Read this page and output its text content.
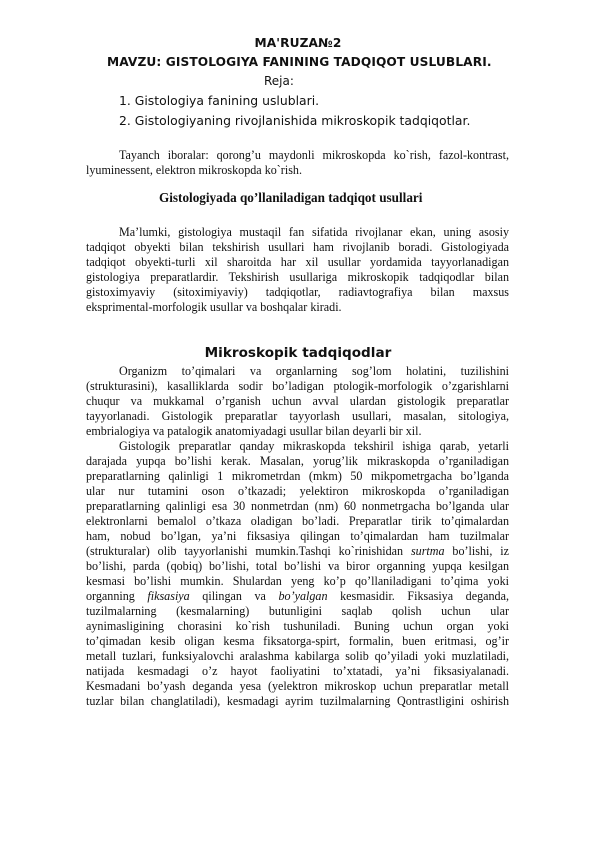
MA'RUZA№2
MAVZU: GISTOLOGIYA FANINING TADQIQOT USLUBLARI.
Reja:
1. Gistologiya fanining uslublari.
2. Gistologiyaning rivojlanishida mikroskopik tadqiqotlar.
Tayanch iboralar: qorong’u maydonli mikroskopda ko`rish, fazol-kontrast,
lyuminessent, elektron mikroskopda ko`rish.
Gistologiyada qo’llaniladigan tadqiqot usullari
Ma’lumki, gistologiya mustaqil fan sifatida rivojlanar ekan, uning asosiy
tadqiqot obyekti bilan tekshirish usullari ham rivojlanib boradi. Gistologiyada
tadqiqot obyekti-turli xil sharoitda har xil usullar yordamida tayyorlanadigan
gistologiya preparatlardir. Tekshirish usullariga mikroskopik tadqiqodlar bilan
gistoximyaviy (sitoximiyaviy) tadqiqotlar, radiavtografiya bilan maxsus
eksprimental-morfologik usullar va boshqalar kiradi.
Mikroskopik tadqiqodlar
Organizm to’qimalari va organlarning sog’lom holatini, tuzilishini
(strukturasini), kasalliklarda sodir bo’ladigan ptologik-morfologik o’zgarishlarni
chuqur va mukkamal o’rganish uchun avval ulardan gistologik preparatlar
tayyorlanadi. Gistologik preparatlar tayyorlash usullari, masalan, sitologiya,
embrialogiya va patalogik anatomiyadagi usullar bilan deyarli bir xil.
Gistologik preparatlar qanday mikraskopda tekshiril ishiga qarab, yetarli
darajada yupqa bo’lishi kerak. Masalan, yorug’lik mikraskopda o’rganiladigan
preparatlarning qalinligi 1 mikrometrdan (mkm) 50 mikpometrgacha bo’lganda
ular nur tutamini oson o’tkazadi; yelektiron mikroskopda o’rganiladigan
preparatlarning qalinligi esa 30 nonmetrdan (nm) 60 nonmetrgacha bo’lganda ular
elektronlarni bemalol o’tkaza oladigan bo’ladi. Preparatlar tirik to’qimalardan
ham, nobud bo’lgan, ya’ni fiksasiya qilingan to’qimalardan ham tuzilmalar
(strukturalar) olib tayyorlanishi mumkin.Tashqi ko`rinishidan surtma bo’lishi, iz
bo’lishi, parda (qobiq) bo’lishi, total bo’lishi va biror organning yupqa kesilgan
kesmasi bo’lishi mumkin. Shulardan yeng ko’p qo’llaniladigani to’qima yoki
organning fiksasiya qilingan va bo’yalgan kesmasidir. Fiksasiya deganda,
tuzilmalarning (kesmalarning) butunligini saqlab qolish uchun ular
aynimasligining chorasini ko`rish tushuniladi. Buning uchun organ yoki
to’qimadan kesib oligan kesma fiksatorga-spirt, formalin, buen eritmasi, og’ir
metall tuzlari, funksiyalovchi aralashma kabilarga solib qo’yiladi yoki muzlatiladi,
natijada kesmadagi o’z hayot faoliyatini to’xtatadi, ya’ni fiksasiyalanadi.
Kesmadani bo’yash deganda yesa (yelektron mikroskop uchun preparatlar metall
tuzlar bilan changlatiladi), kesmadagi ayrim tuzilmalarning Qontrastligini oshirish
